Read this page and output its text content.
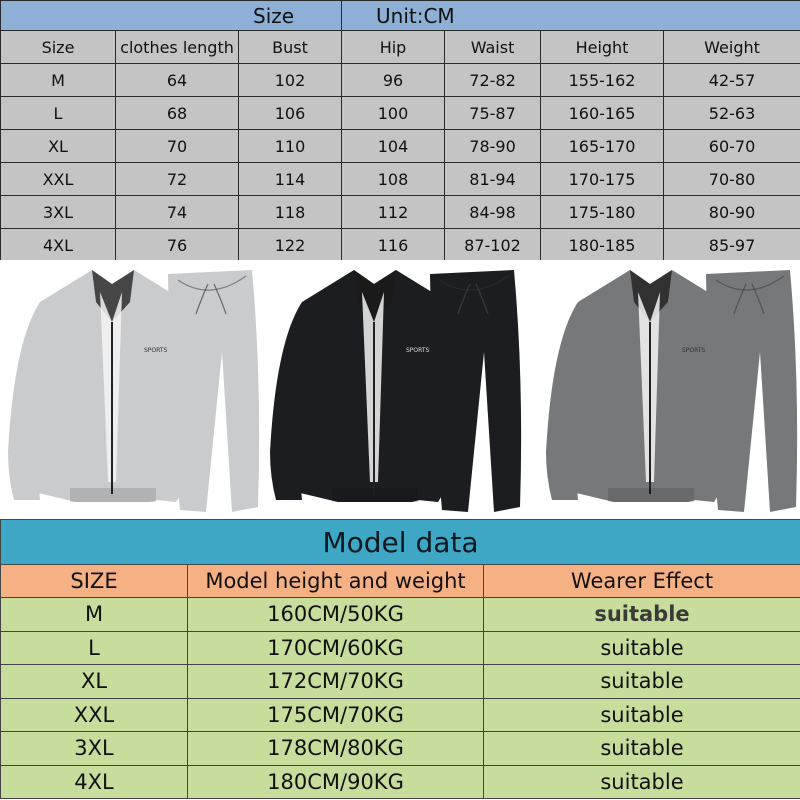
Size			Unit:CM			
Size	clothes length	Bust	Hip	Waist	Height	Weight
M	64	102	96	72-82	155-162	42-57
L	68	106	100	75-87	160-165	52-63
XL	70	110	104	78-90	165-170	60-70
XXL	72	114	108	81-94	170-175	70-80
3XL	74	118	112	84-98	175-180	80-90
4XL	76	122	116	87-102	180-185	85-97
SPORTS	SPORTS	SPORTS
Model data		
SIZE	Model height and weight	Wearer Effect
M	160CM/50KG	suitable
L	170CM/60KG	suitable
XL	172CM/70KG	suitable
XXL	175CM/70KG	suitable
3XL	178CM/80KG	suitable
4XL	180CM/90KG	suitable
